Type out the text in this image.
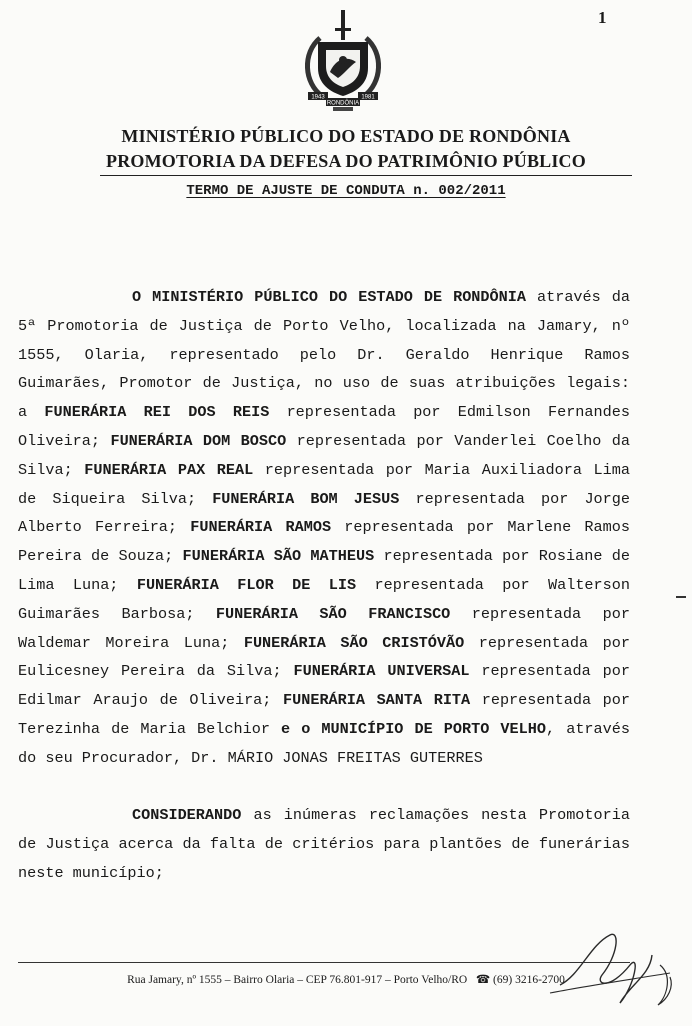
1
1943	1981
RONDÔNIA
MINISTÉRIO PÚBLICO DO ESTADO DE RONDÔNIA
PROMOTORIA DA DEFESA DO PATRIMÔNIO PÚBLICO
TERMO DE AJUSTE DE CONDUTA n. 002/2011

O MINISTÉRIO PÚBLICO DO ESTADO DE RONDÔNIA através da 5ª Promotoria de Justiça de Porto Velho, localizada na Jamary, nº 1555, Olaria, representado pelo Dr. Geraldo Henrique Ramos Guimarães, Promotor de Justiça, no uso de suas atribuições legais: a FUNERÁRIA REI DOS REIS representada por Edmilson Fernandes Oliveira; FUNERÁRIA DOM BOSCO representada por Vanderlei Coelho da Silva; FUNERÁRIA PAX REAL representada por Maria Auxiliadora Lima de Siqueira Silva; FUNERÁRIA BOM JESUS representada por Jorge Alberto Ferreira; FUNERÁRIA RAMOS representada por Marlene Ramos Pereira de Souza; FUNERÁRIA SÃO MATHEUS representada por Rosiane de Lima Luna; FUNERÁRIA FLOR DE LIS representada por Walterson Guimarães Barbosa; FUNERÁRIA SÃO FRANCISCO representada por Waldemar Moreira Luna; FUNERÁRIA SÃO CRISTÓVÃO representada por Eulicesney Pereira da Silva; FUNERÁRIA UNIVERSAL representada por Edilmar Araujo de Oliveira; FUNERÁRIA SANTA RITA representada por Terezinha de Maria Belchior e o MUNICÍPIO DE PORTO VELHO, através do seu Procurador, Dr. MÁRIO JONAS FREITAS GUTERRES

CONSIDERANDO as inúmeras reclamações nesta Promotoria de Justiça acerca da falta de critérios para plantões de funerárias neste município;

Rua Jamary, nº 1555 – Bairro Olaria – CEP 76.801-917 – Porto Velho/RO   ☎ (69) 3216-2700
